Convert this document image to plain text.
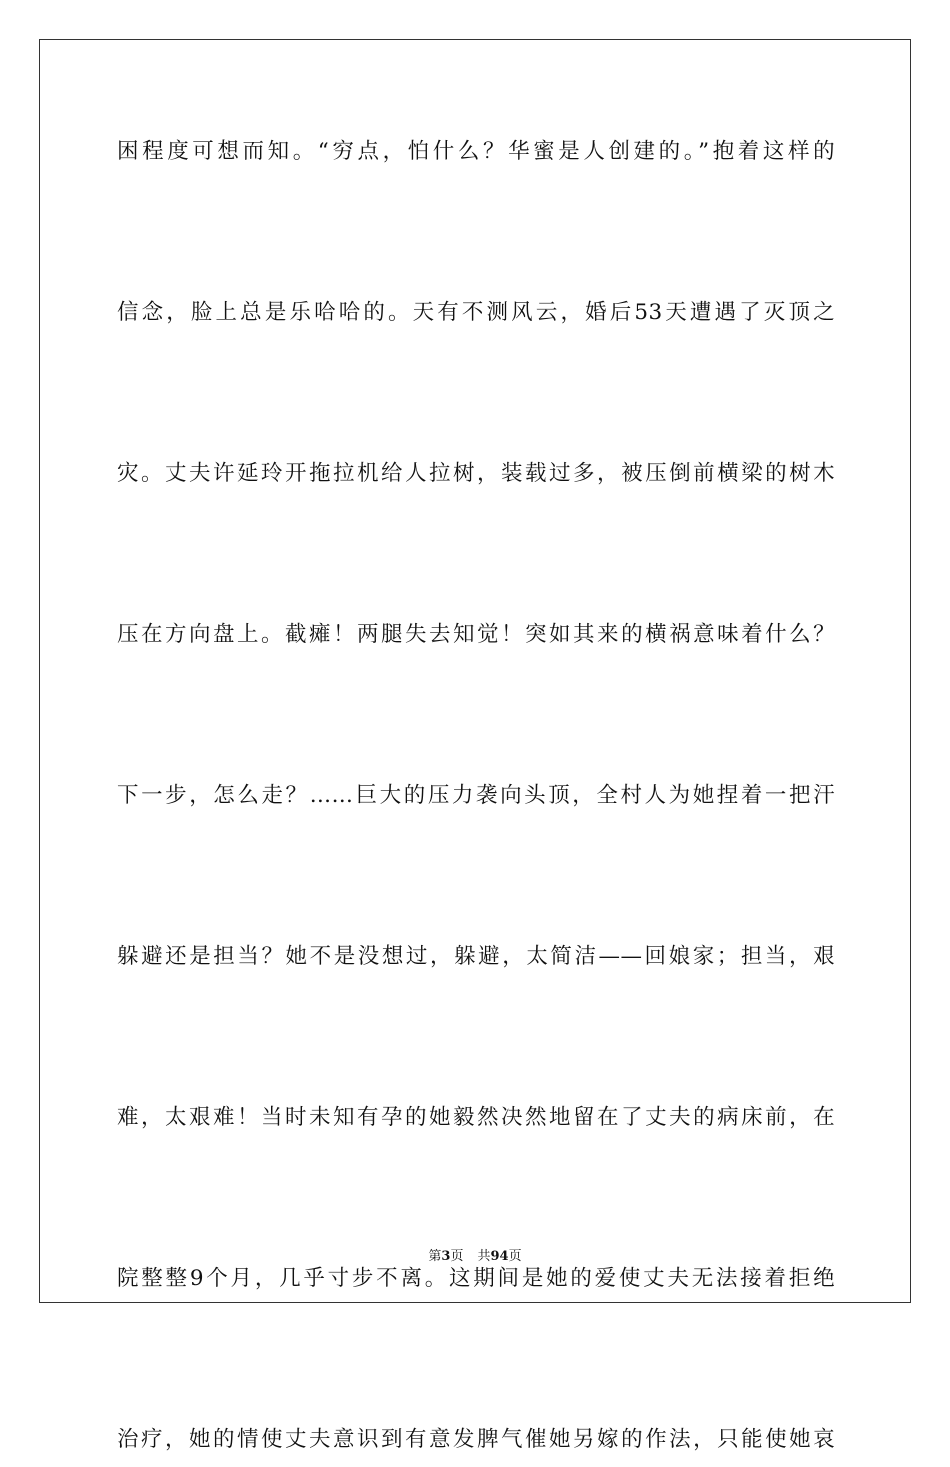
困程度可想而知。“穷点，怕什么？华蜜是人创建的。”抱着这样的
信念，脸上总是乐哈哈的。天有不测风云，婚后53天遭遇了灭顶之
灾。丈夫许延玲开拖拉机给人拉树，装载过多，被压倒前横梁的树木
压在方向盘上。截瘫！两腿失去知觉！突如其来的横祸意味着什么？
下一步，怎么走？……巨大的压力袭向头顶，全村人为她捏着一把汗
躲避还是担当？她不是没想过，躲避，太简洁——回娘家；担当，艰
难，太艰难！当时未知有孕的她毅然决然地留在了丈夫的病床前，在
院整整9个月，几乎寸步不离。这期间是她的爱使丈夫无法接着拒绝
治疗，她的情使丈夫意识到有意发脾气催她另嫁的作法，只能使她哀
第3页 共94页
